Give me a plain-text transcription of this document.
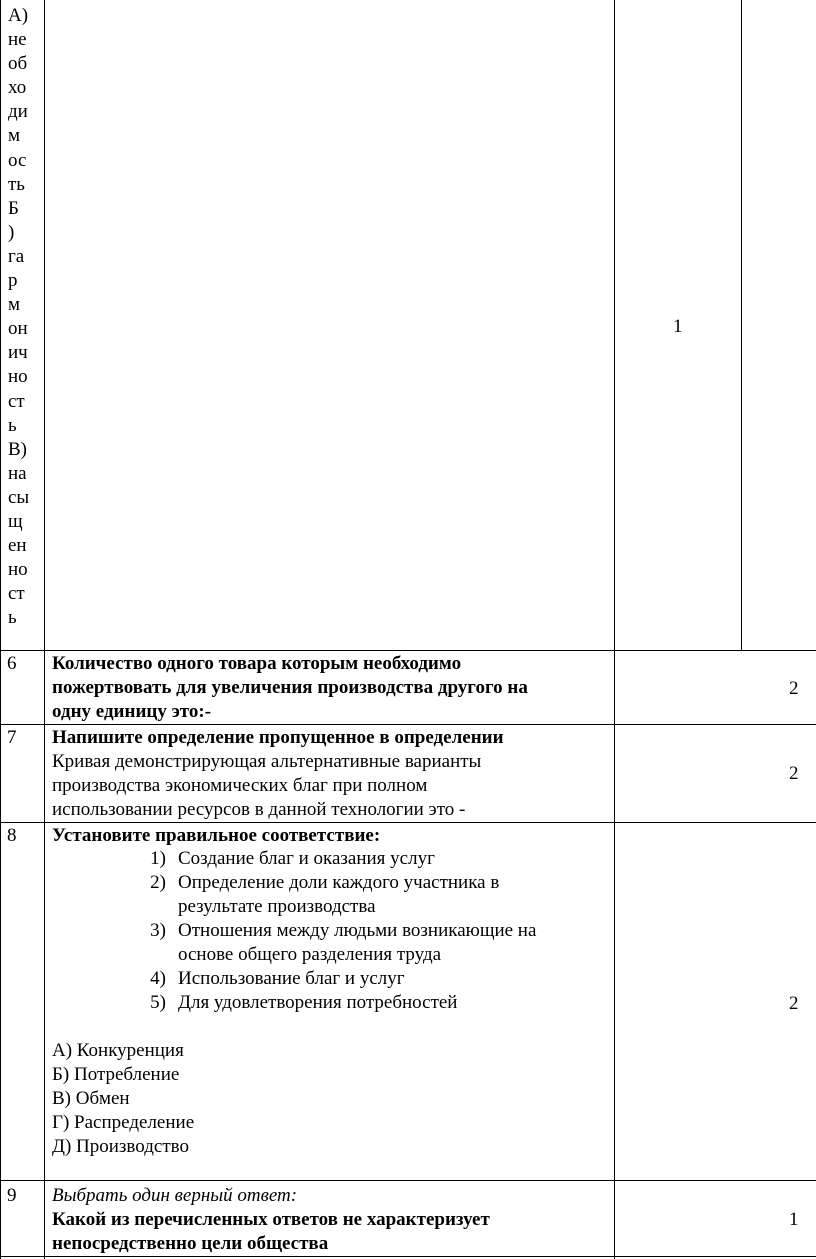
А)
не
об
хо
ди
м
ос
ть
Б
)
га
р
м
он
ич
но
ст
ь
В)
на
сы
щ
ен
но
ст
ь
1
6 Количество одного товара которым необходимо
пожертвовать для увеличения производства другого на
одну единицу это:-
2
7 Напишите определение пропущенное в определении
Кривая демонстрирующая альтернативные варианты
производства экономических благ при полном
использовании ресурсов в данной технологии это -
2
8 Установите правильное соответствие:
1) Создание благ и оказания услуг
2) Определение доли каждого участника в
результате производства
3) Отношения между людьми возникающие на
основе общего разделения труда
4) Использование благ и услуг
5) Для удовлетворения потребностей
А) Конкуренция
Б) Потребление
В) Обмен
Г) Распределение
Д) Производство
2
9 Выбрать один верный ответ:
Какой из перечисленных ответов не характеризует
непосредственно цели общества
1
